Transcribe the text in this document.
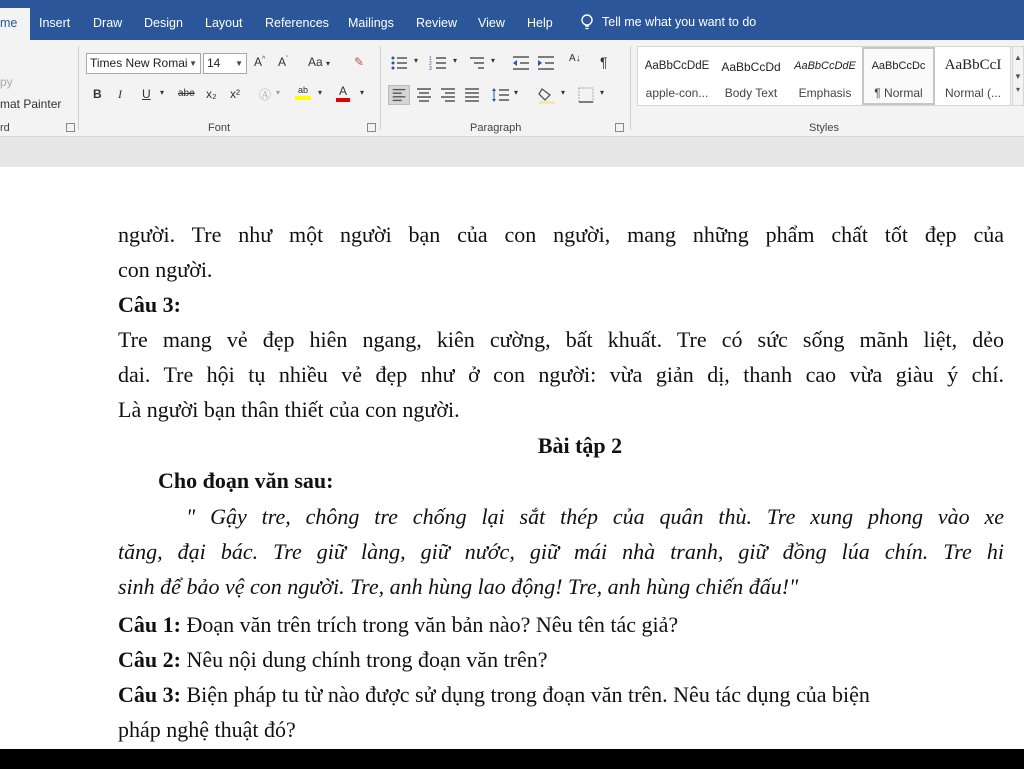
me	Insert Draw Design Layout References Mailings Review View Help	Tell me what you want to do
py
mat Painter
rd
Times New Romai ▼ 14 ▼ A^ $A^ˇ$ Aa ▾ ✎
B I U ▾ abe x₂ x² Ⓐ ▾	ab	▾ A	▾
Font
▾ 1
2
3
▾	▾	A↓ ¶
▾	▾	▾
Paragraph
AaBbCcDdE
apple-con...
AaBbCcDd
Body Text
AaBbCcDdE
Emphasis
AaBbCcDc
¶ Normal
AaBbCcI
Normal (...
▲
▼
▾
Styles
người. Tre như một người bạn của con người, mang những phẩm chất tốt đẹp của
con người.
Câu 3:
Tre mang vẻ đẹp hiên ngang, kiên cường, bất khuất. Tre có sức sống mãnh liệt, dẻo
dai. Tre hội tụ nhiều vẻ đẹp như ở con người: vừa giản dị, thanh cao vừa giàu ý chí.
Là người bạn thân thiết của con người.
Bài tập 2
Cho đoạn văn sau:
" Gậy tre, chông tre chống lại sắt thép của quân thù. Tre xung phong vào xe
tăng, đại bác. Tre giữ làng, giữ nước, giữ mái nhà tranh, giữ đồng lúa chín. Tre hi
sinh để bảo vệ con người. Tre, anh hùng lao động! Tre, anh hùng chiến đấu!"
Câu 1: Đoạn văn trên trích trong văn bản nào? Nêu tên tác giả?
Câu 2: Nêu nội dung chính trong đoạn văn trên?
Câu 3: Biện pháp tu từ nào được sử dụng trong đoạn văn trên. Nêu tác dụng của biện
pháp nghệ thuật đó?
